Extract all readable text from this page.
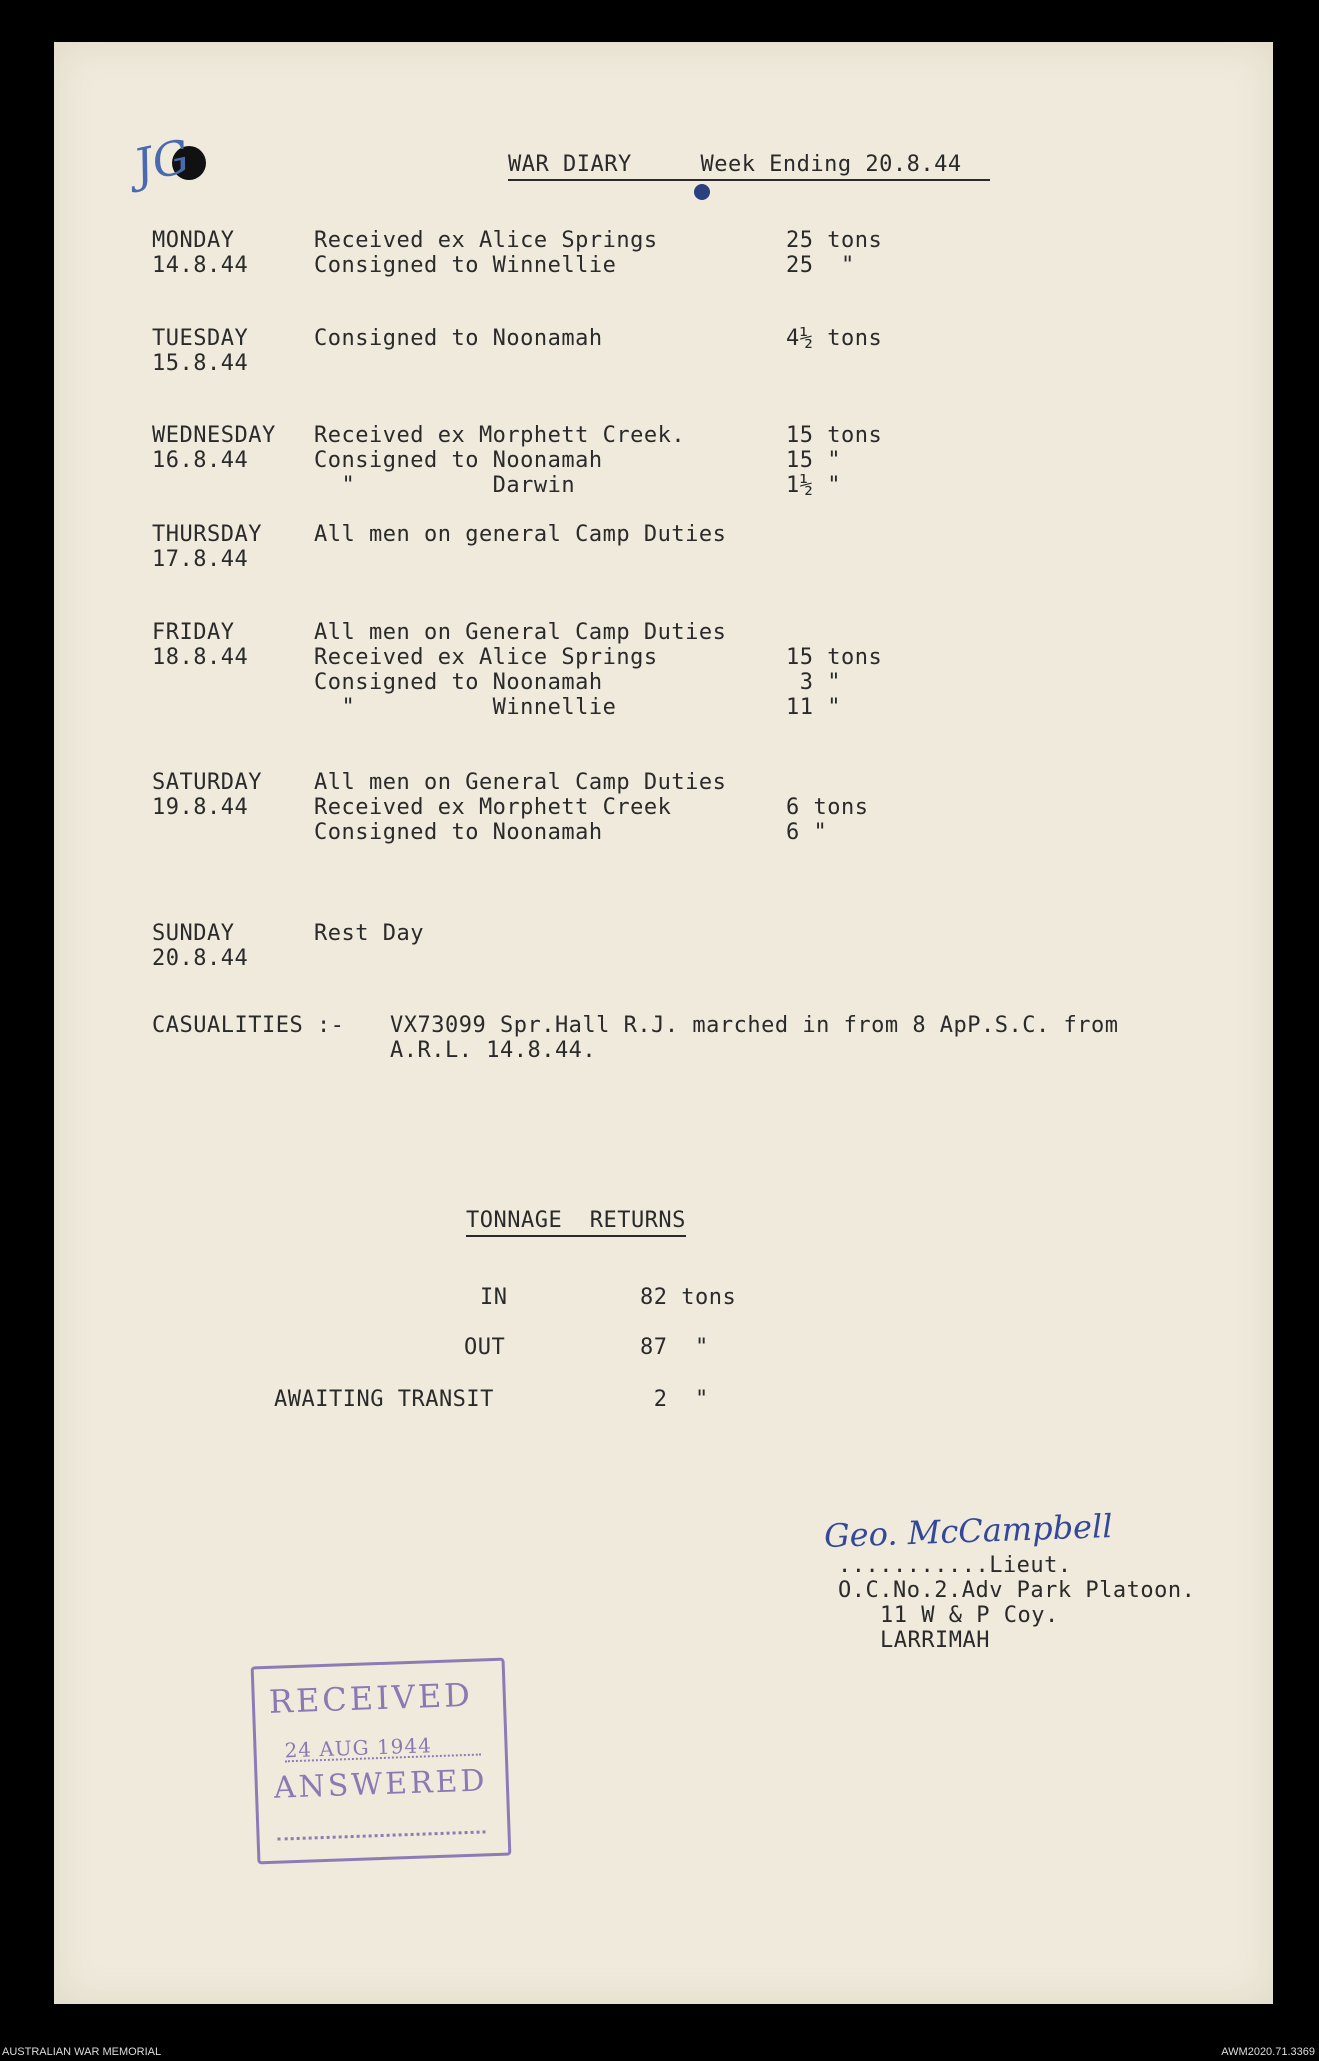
JG	WAR DIARY	Week Ending 20.8.44
MONDAY
14.8.44
Received ex Alice Springs	25 tons
Consigned to Winnellie	25  "
TUESDAY
15.8.44
Consigned to Noonamah	4½ tons
WEDNESDAY
16.8.44
Received ex Morphett Creek.	15 tons
Consigned to Noonamah	15 "
"          Darwin	1½ "
THURSDAY
17.8.44
All men on general Camp Duties
FRIDAY
18.8.44
All men on General Camp Duties
Received ex Alice Springs	15 tons
Consigned to Noonamah	3 "
"          Winnellie	11 "
SATURDAY
19.8.44
All men on General Camp Duties
Received ex Morphett Creek	6 tons
Consigned to Noonamah	6 "
SUNDAY
20.8.44
Rest Day
CASUALITIES :- VX73099 Spr.Hall R.J. marched in from 8 ApP.S.C. from
A.R.L. 14.8.44.
TONNAGE  RETURNS
IN	82 tons
OUT	87  "
AWAITING TRANSIT	2  "
Geo. McCampbell
...........Lieut.
O.C.No.2.Adv Park Platoon.
11 W & P Coy.
LARRIMAH
RECEIVED
24 AUG 1944
ANSWERED
AUSTRALIAN WAR MEMORIAL	AWM2020.71.3369
